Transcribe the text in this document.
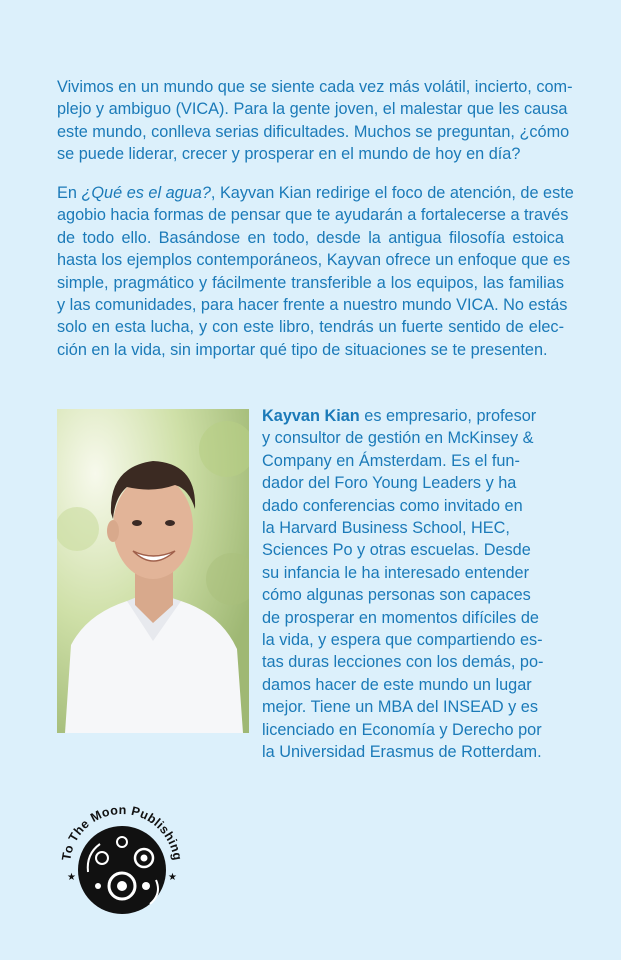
Vivimos en un mundo que se siente cada vez más volátil, incierto, com-
plejo y ambiguo (VICA). Para la gente joven, el malestar que les causa
este mundo, conlleva serias dificultades. Muchos se preguntan, ¿cómo
se puede liderar, crecer y prosperar en el mundo de hoy en día?
En ¿Qué es el agua?, Kayvan Kian redirige el foco de atención, de este
agobio hacia formas de pensar que te ayudarán a fortalecerse a través
de todo ello. Basándose en todo, desde la antigua filosofía estoica
hasta los ejemplos contemporáneos, Kayvan ofrece un enfoque que es
simple, pragmático y fácilmente transferible a los equipos, las familias
y las comunidades, para hacer frente a nuestro mundo VICA. No estás
solo en esta lucha, y con este libro, tendrás un fuerte sentido de elec-
ción en la vida, sin importar qué tipo de situaciones se te presenten.
Kayvan Kian es empresario, profesor
y consultor de gestión en McKinsey &
Company en Ámsterdam. Es el fun-
dador del Foro Young Leaders y ha
dado conferencias como invitado en
la Harvard Business School, HEC,
Sciences Po y otras escuelas. Desde
su infancia le ha interesado entender
cómo algunas personas son capaces
de prosperar en momentos difíciles de
la vida, y espera que compartiendo es-
tas duras lecciones con los demás, po-
damos hacer de este mundo un lugar
mejor. Tiene un MBA del INSEAD y es
licenciado en Economía y Derecho por
la Universidad Erasmus de Rotterdam.
To The Moon Publishing
★	★
